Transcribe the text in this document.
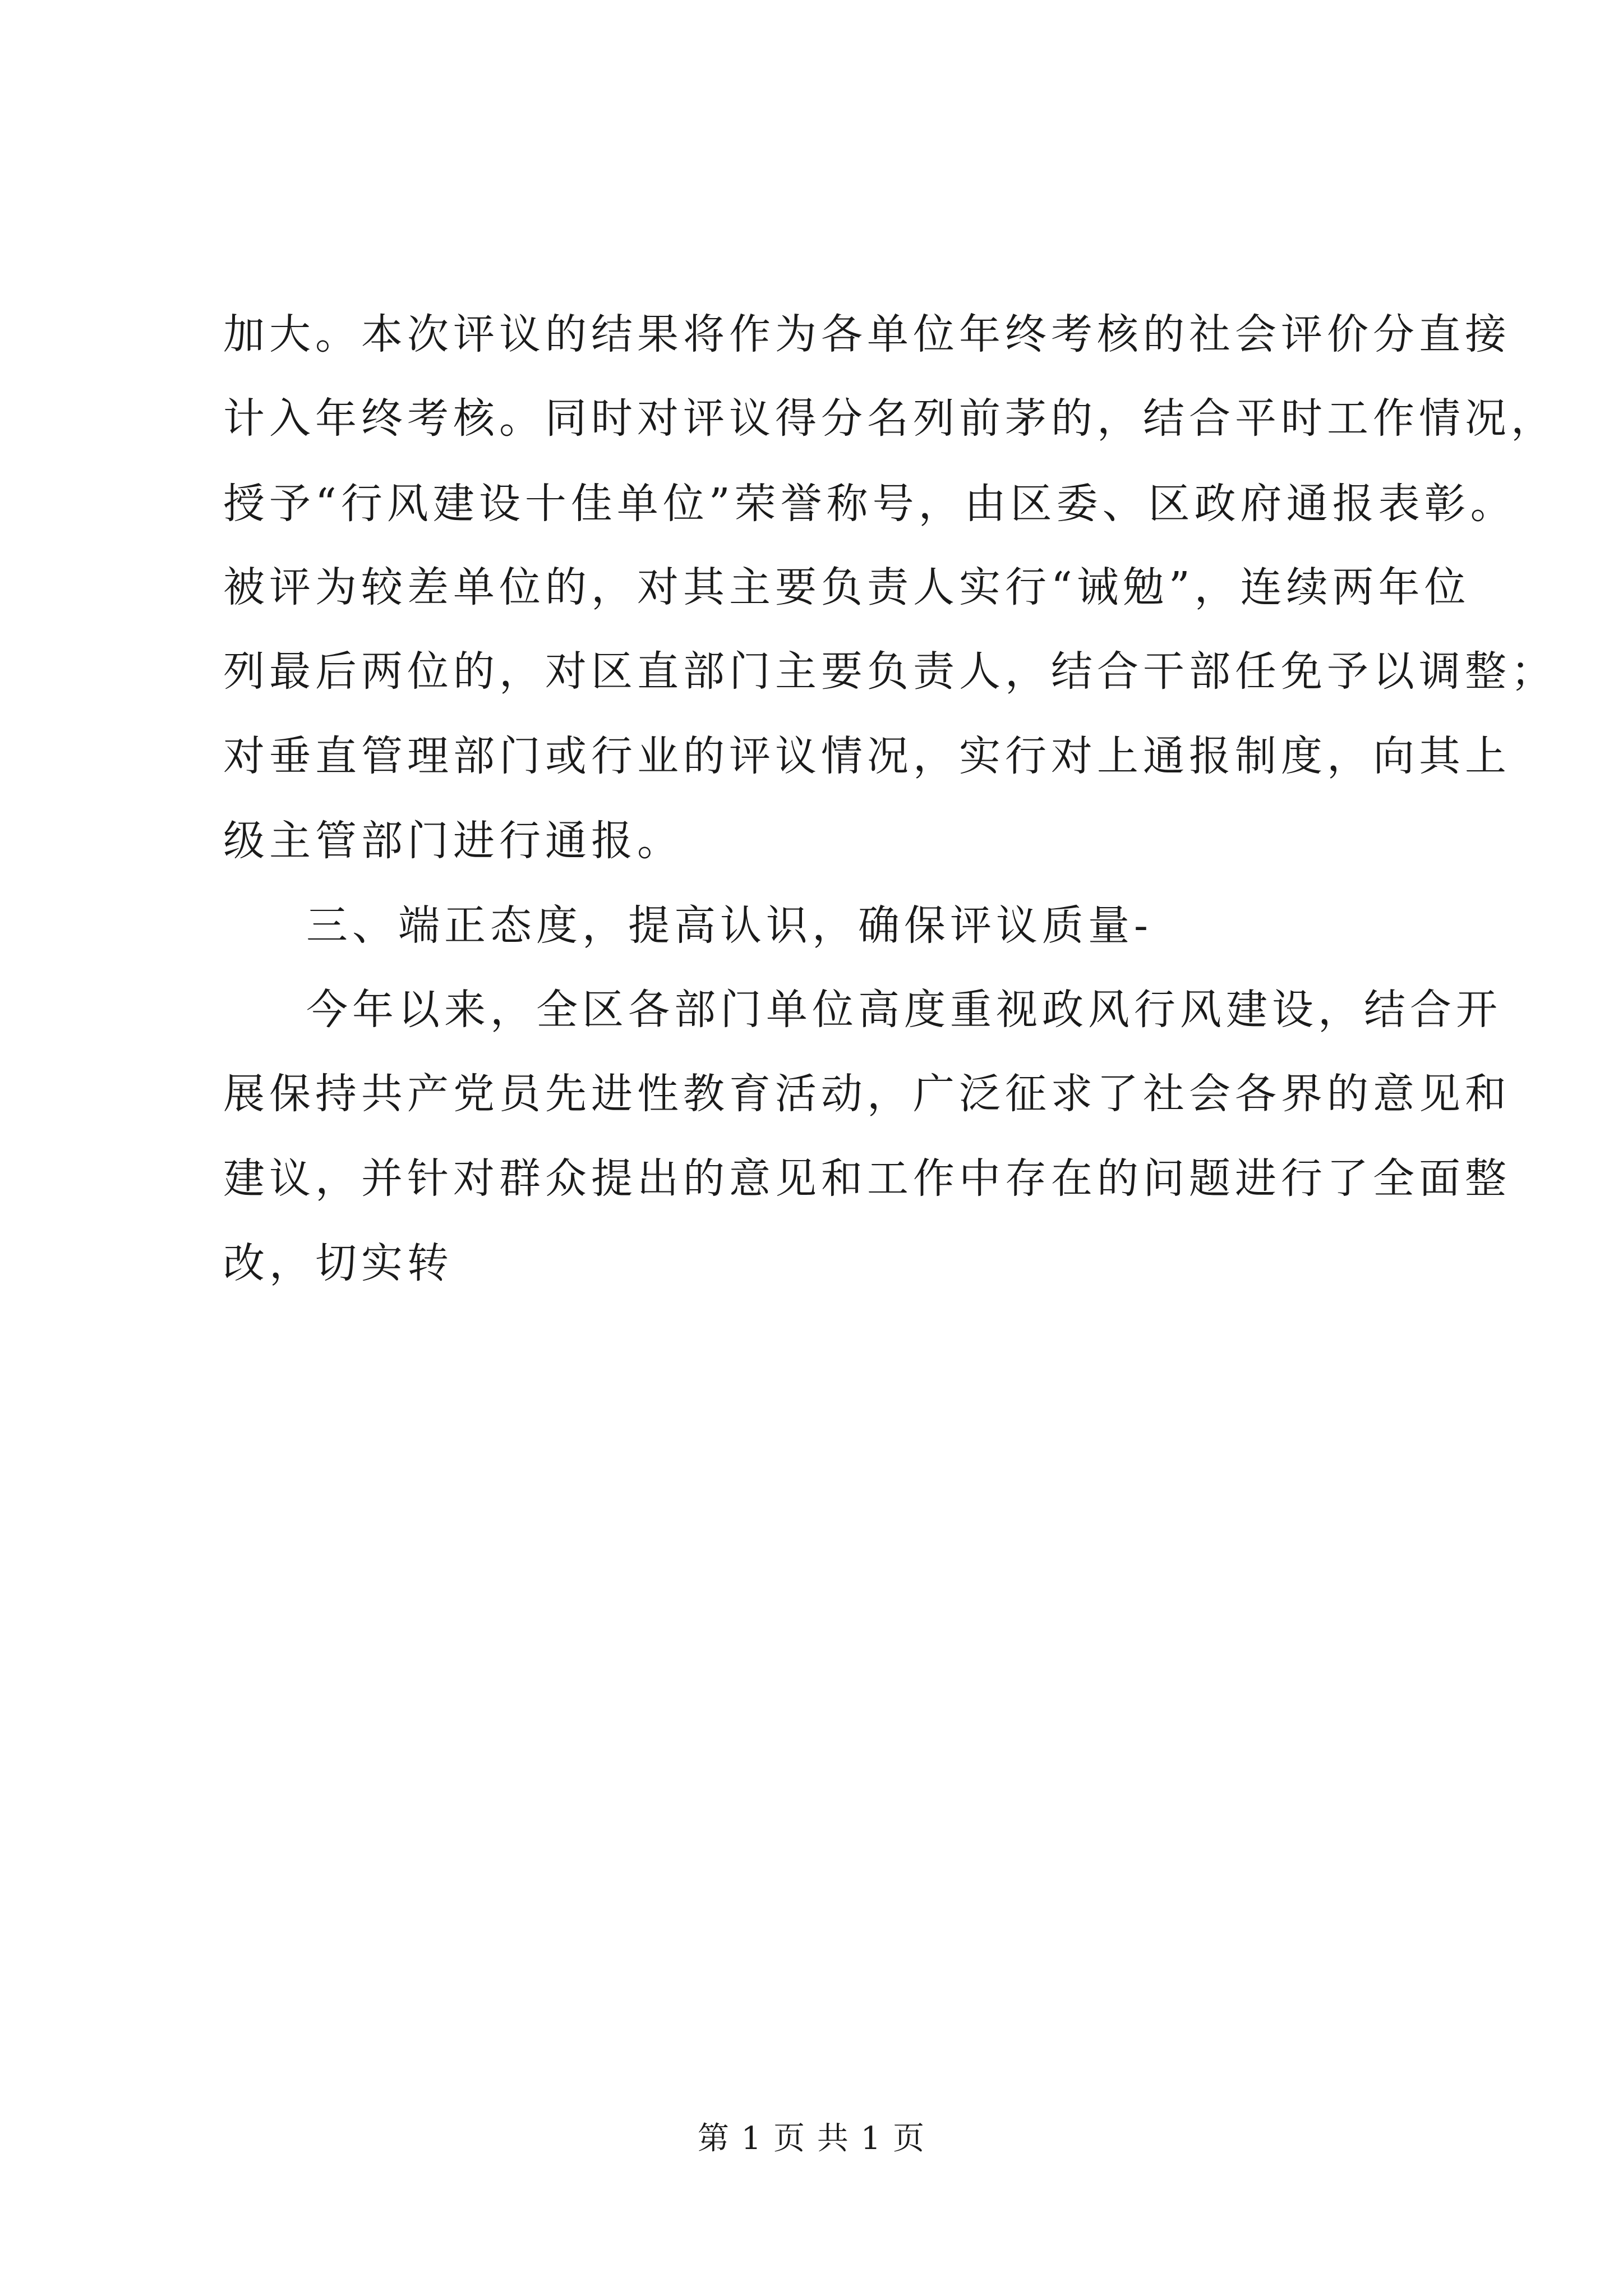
加大。本次评议的结果将作为各单位年终考核的社会评价分直接
计入年终考核。同时对评议得分名列前茅的，结合平时工作情况，
授予“行风建设十佳单位”荣誉称号，由区委、区政府通报表彰。
被评为较差单位的，对其主要负责人实行“诫勉”，连续两年位
列最后两位的，对区直部门主要负责人，结合干部任免予以调整；
对垂直管理部门或行业的评议情况，实行对上通报制度，向其上
级主管部门进行通报。
三、端正态度，提高认识，确保评议质量-
今年以来，全区各部门单位高度重视政风行风建设，结合开
展保持共产党员先进性教育活动，广泛征求了社会各界的意见和
建议，并针对群众提出的意见和工作中存在的问题进行了全面整
改，切实转
第 1 页 共 1 页
